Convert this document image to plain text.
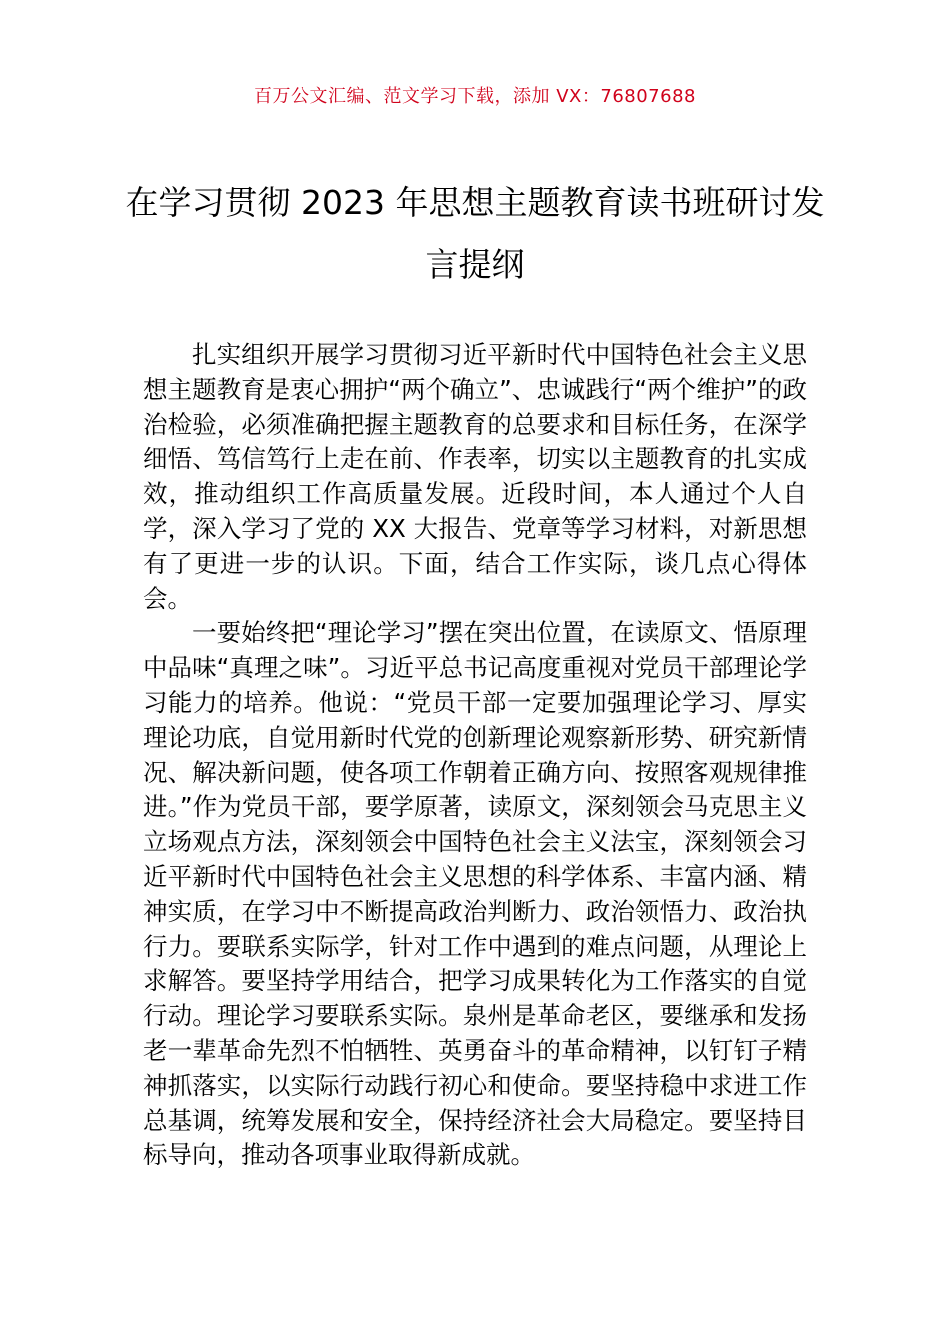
百万公文汇编、范文学习下载，添加 VX：76807688
在学习贯彻 2023 年思想主题教育读书班研讨发言提纲

扎实组织开展学习贯彻习近平新时代中国特色社会主义思想主题教育是衷心拥护“两个确立”、忠诚践行“两个维护”的政治检验，必须准确把握主题教育的总要求和目标任务，在深学细悟、笃信笃行上走在前、作表率，切实以主题教育的扎实成效，推动组织工作高质量发展。近段时间，本人通过个人自学，深入学习了党的 XX 大报告、党章等学习材料，对新思想有了更进一步的认识。下面，结合工作实际，谈几点心得体会。

一要始终把“理论学习”摆在突出位置，在读原文、悟原理中品味“真理之味”。习近平总书记高度重视对党员干部理论学习能力的培养。他说：“党员干部一定要加强理论学习、厚实理论功底，自觉用新时代党的创新理论观察新形势、研究新情况、解决新问题，使各项工作朝着正确方向、按照客观规律推进。”作为党员干部，要学原著，读原文，深刻领会马克思主义立场观点方法，深刻领会中国特色社会主义法宝，深刻领会习近平新时代中国特色社会主义思想的科学体系、丰富内涵、精神实质，在学习中不断提高政治判断力、政治领悟力、政治执行力。要联系实际学，针对工作中遇到的难点问题，从理论上求解答。要坚持学用结合，把学习成果转化为工作落实的自觉行动。理论学习要联系实际。泉州是革命老区，要继承和发扬老一辈革命先烈不怕牺牲、英勇奋斗的革命精神，以钉钉子精神抓落实，以实际行动践行初心和使命。要坚持稳中求进工作总基调，统筹发展和安全，保持经济社会大局稳定。要坚持目标导向，推动各项事业取得新成就。
